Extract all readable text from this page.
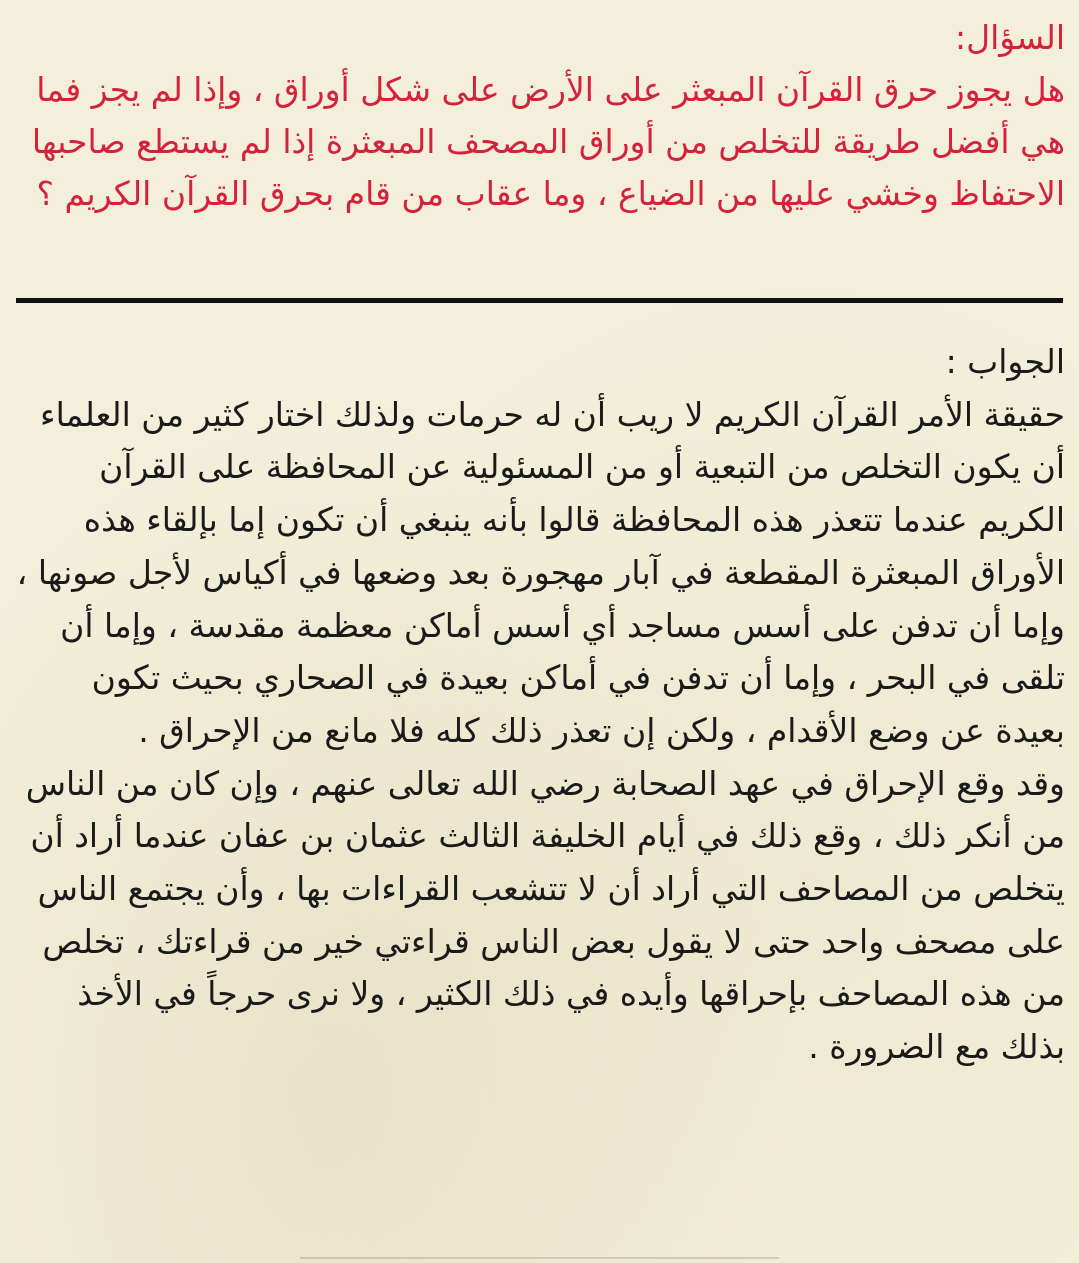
السؤال:
هل يجوز حرق القرآن المبعثر على الأرض على شكل أوراق ، وإذا لم يجز فما هي أفضل طريقة للتخلص من أوراق المصحف المبعثرة إذا لم يستطع صاحبها الاحتفاظ وخشي عليها من الضياع ، وما عقاب من قام بحرق القرآن الكريم ؟
الجواب :
حقيقة الأمر القرآن الكريم لا ريب أن له حرمات ولذلك اختار كثير من العلماء أن يكون التخلص من التبعية أو من المسئولية عن المحافظة على القرآن الكريم عندما تتعذر هذه المحافظة قالوا بأنه ينبغي أن تكون إما بإلقاء هذه الأوراق المبعثرة المقطعة في آبار مهجورة بعد وضعها في أكياس لأجل صونها ، وإما أن تدفن على أسس مساجد أي أسس أماكن معظمة مقدسة ، وإما أن تلقى في البحر ، وإما أن تدفن في أماكن بعيدة في الصحاري بحيث تكون بعيدة عن وضع الأقدام ، ولكن إن تعذر ذلك كله فلا مانع من الإحراق .
وقد وقع الإحراق في عهد الصحابة رضي الله تعالى عنهم ، وإن كان من الناس من أنكر ذلك ، وقع ذلك في أيام الخليفة الثالث عثمان بن عفان عندما أراد أن يتخلص من المصاحف التي أراد أن لا تتشعب القراءات بها ، وأن يجتمع الناس على مصحف واحد حتى لا يقول بعض الناس قراءتي خير من قراءتك ، تخلص من هذه المصاحف بإحراقها وأيده في ذلك الكثير ، ولا نرى حرجاً في الأخذ بذلك مع الضرورة .
